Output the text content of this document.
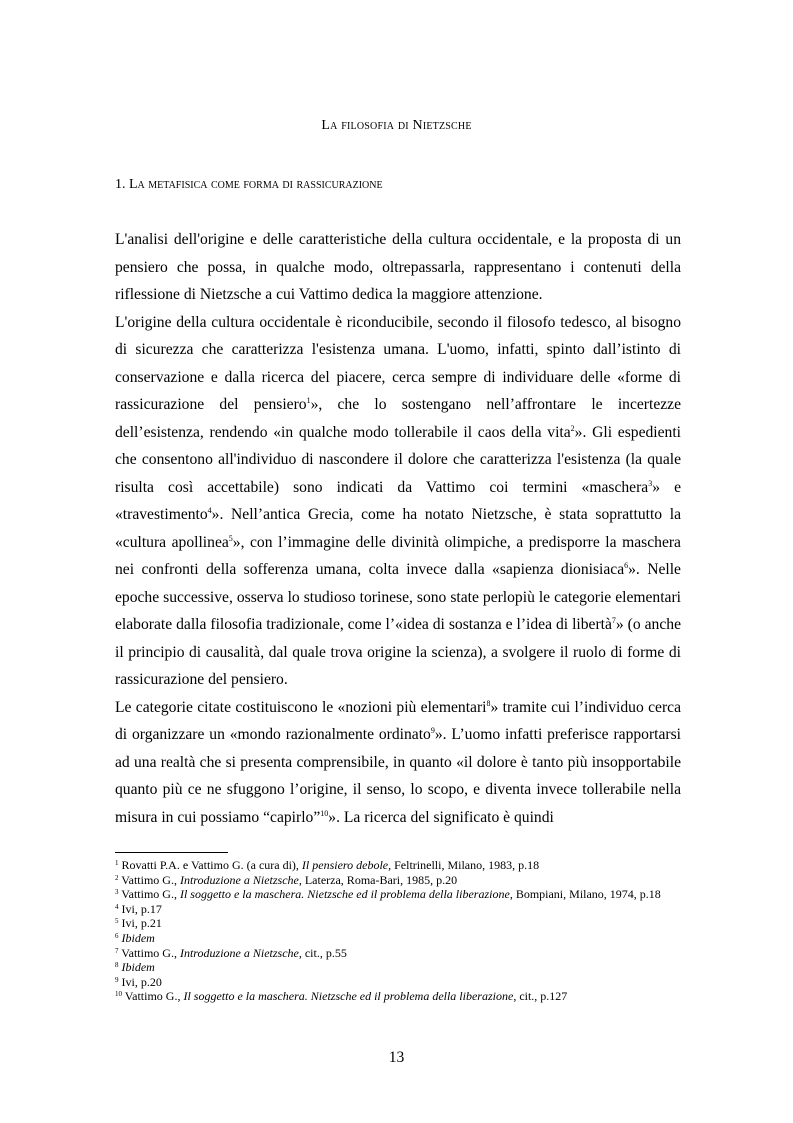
La filosofia di Nietzsche
1. La metafisica come forma di rassicurazione

L'analisi dell'origine e delle caratteristiche della cultura occidentale, e la proposta di un pensiero che possa, in qualche modo, oltrepassarla, rappresentano i contenuti della riflessione di Nietzsche a cui Vattimo dedica la maggiore attenzione.

L'origine della cultura occidentale è riconducibile, secondo il filosofo tedesco, al bisogno di sicurezza che caratterizza l'esistenza umana. L'uomo, infatti, spinto dall’istinto di conservazione e dalla ricerca del piacere, cerca sempre di individuare delle «forme di rassicurazione del pensiero$^1$», che lo sostengano nell’affrontare le incertezze dell’esistenza, rendendo «in qualche modo tollerabile il caos della vita$^2$». Gli espedienti che consentono all'individuo di nascondere il dolore che caratterizza l'esistenza (la quale risulta così accettabile) sono indicati da Vattimo coi termini «maschera$^3$» e «travestimento$^4$». Nell’antica Grecia, come ha notato Nietzsche, è stata soprattutto la «cultura apollinea$^5$», con l’immagine delle divinità olimpiche, a predisporre la maschera nei confronti della sofferenza umana, colta invece dalla «sapienza dionisiaca$^6$». Nelle epoche successive, osserva lo studioso torinese, sono state perlopiù le categorie elementari elaborate dalla filosofia tradizionale, come l’«idea di sostanza e l’idea di libertà$^7$» (o anche il principio di causalità, dal quale trova origine la scienza), a svolgere il ruolo di forme di rassicurazione del pensiero.

Le categorie citate costituiscono le «nozioni più elementari$^8$» tramite cui l’individuo cerca di organizzare un «mondo razionalmente ordinato$^9$». L’uomo infatti preferisce rapportarsi ad una realtà che si presenta comprensibile, in quanto «il dolore è tanto più insopportabile quanto più ce ne sfuggono l’origine, il senso, lo scopo, e diventa invece tollerabile nella misura in cui possiamo “capirlo”$^{10}$». La ricerca del significato è quindi

$^1$ Rovatti P.A. e Vattimo G. (a cura di), Il pensiero debole, Feltrinelli, Milano, 1983, p.18

$^2$ Vattimo G., Introduzione a Nietzsche, Laterza, Roma-Bari, 1985, p.20

$^3$ Vattimo G., Il soggetto e la maschera. Nietzsche ed il problema della liberazione, Bompiani, Milano, 1974, p.18

$^4$ Ivi, p.17

$^5$ Ivi, p.21

$^6$ Ibidem

$^7$ Vattimo G., Introduzione a Nietzsche, cit., p.55

$^8$ Ibidem

$^9$ Ivi, p.20

$^{10}$ Vattimo G., Il soggetto e la maschera. Nietzsche ed il problema della liberazione, cit., p.127

13
